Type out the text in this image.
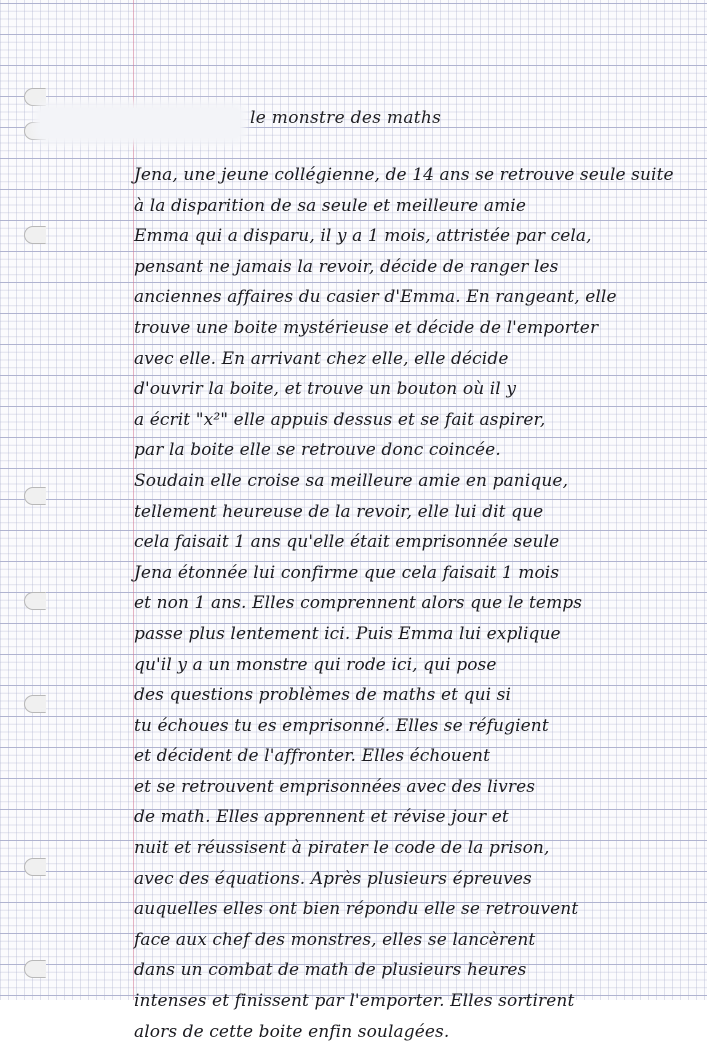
le monstre des maths
Jena, une jeune collégienne, de 14 ans se retrouve seule suite
à la disparition de sa seule et meilleure amie
Emma qui a disparu, il y a 1 mois, attristée par cela,
pensant ne jamais la revoir, décide de ranger les
anciennes affaires du casier d'Emma. En rangeant, elle
trouve une boite mystérieuse et décide de l'emporter
avec elle. En arrivant chez elle, elle décide
d'ouvrir la boite, et trouve un bouton où il y
a écrit "x²" elle appuis dessus et se fait aspirer,
par la boite elle se retrouve donc coincée.
Soudain elle croise sa meilleure amie en panique,
tellement heureuse de la revoir, elle lui dit que
cela faisait 1 ans qu'elle était emprisonnée seule
Jena étonnée lui confirme que cela faisait 1 mois
et non 1 ans. Elles comprennent alors que le temps
passe plus lentement ici. Puis Emma lui explique
qu'il y a un monstre qui rode ici, qui pose
des questions problèmes de maths et qui si
tu échoues tu es emprisonné. Elles se réfugient
et décident de l'affronter. Elles échouent
et se retrouvent emprisonnées avec des livres
de math. Elles apprennent et révise jour et
nuit et réussisent à pirater le code de la prison,
avec des équations. Après plusieurs épreuves
auquelles elles ont bien répondu elle se retrouvent
face aux chef des monstres, elles se lancèrent
dans un combat de math de plusieurs heures
intenses et finissent par l'emporter. Elles sortirent
alors de cette boite enfin soulagées.
